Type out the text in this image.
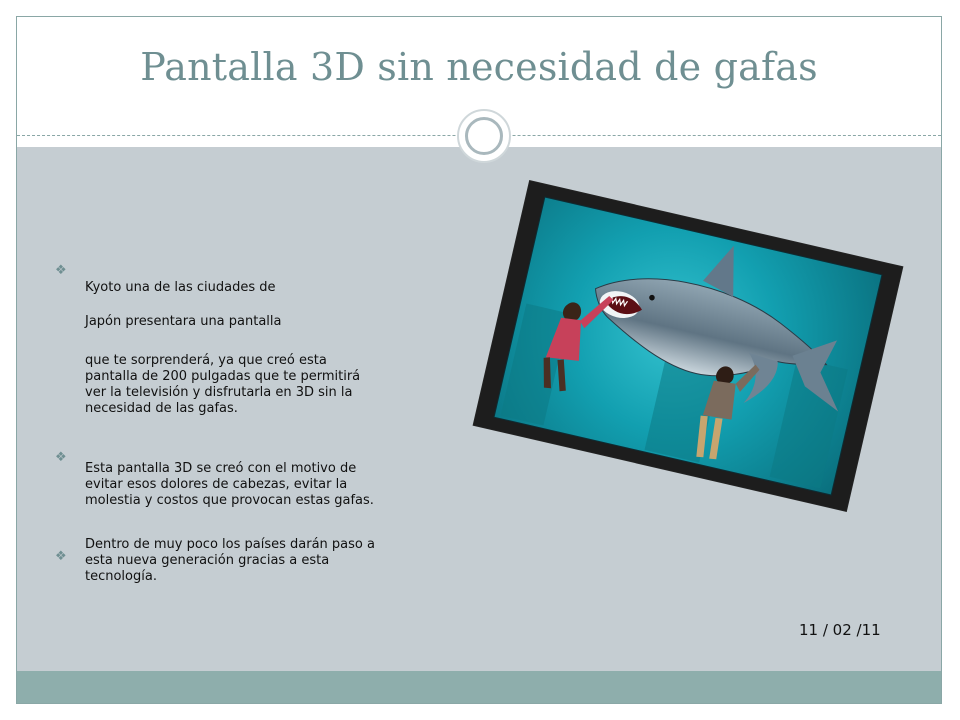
Pantalla 3D sin necesidad de gafas
❖

Kyoto una de las ciudades de

Japón presentara una pantalla

que te sorprenderá, ya que creó esta pantalla de 200 pulgadas que te permitirá ver la televisión y disfrutarla en 3D sin la necesidad de las gafas.

❖
Esta pantalla 3D se creó con el motivo de evitar esos dolores de cabezas, evitar la molestia y costos que provocan estas gafas.
❖
Dentro de muy poco los países darán paso a esta nueva generación gracias a esta tecnología.
11 / 02 /11
